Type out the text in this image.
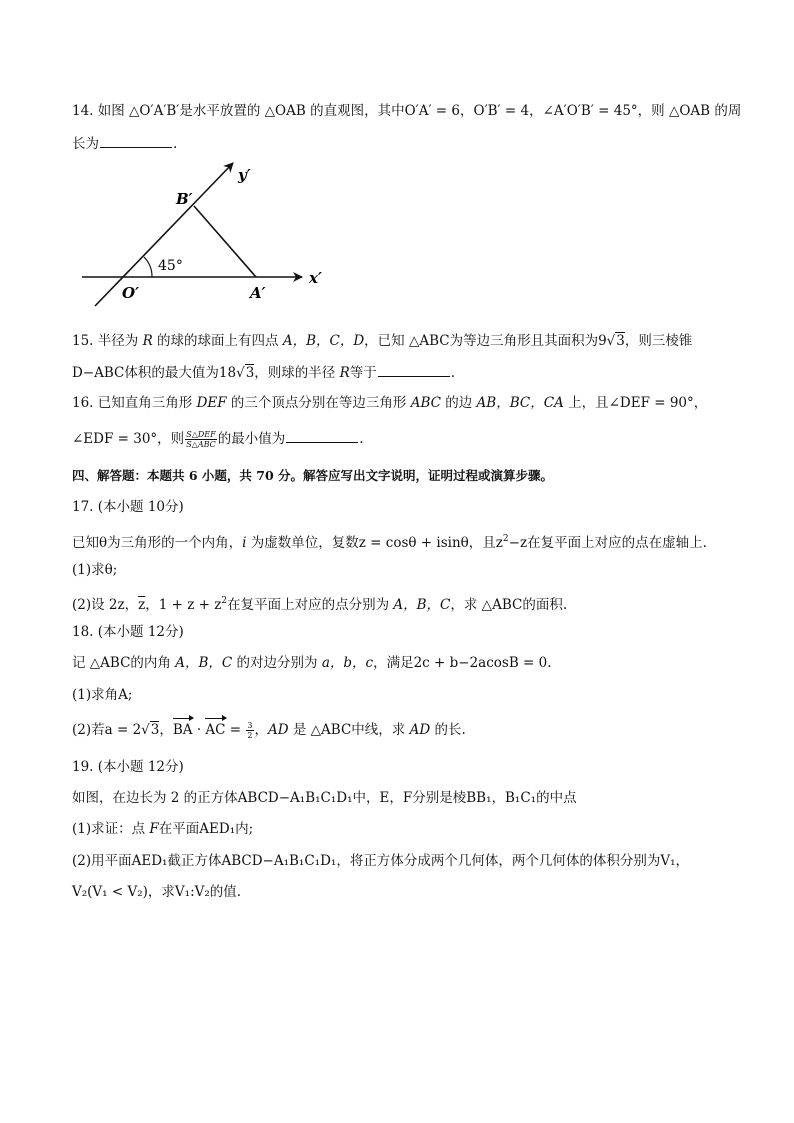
14. 如图 △O′A′B′是水平放置的 △OAB 的直观图，其中O′A′ = 6，O′B′ = 4，∠A′O′B′ = 45°，则 △OAB 的周
长为	.
y′
x′
B′
O′	A′
45°
15. 半径为 R 的球的球面上有四点 A，B，C，D，已知 △ABC为等边三角形且其面积为9√3，则三棱锥
D−ABC体积的最大值为18√3，则球的半径 R等于	.
16. 已知直角三角形 DEF 的三个顶点分别在等边三角形 ABC 的边 AB，BC，CA 上，且∠DEF = 90°，
∠EDF = 30°，则 $\frac{\text{S△DEF}}{\text{S△ABC}}$ 的最小值为	.
四、解答题：本题共 6 小题，共 70 分。解答应写出文字说明，证明过程或演算步骤。
17. (本小题 10分)
已知θ为三角形的一个内角，i 为虚数单位，复数z = cosθ + isinθ，且$z^2-z$在复平面上对应的点在虚轴上.
(1)求θ;
(2)设 2z，$\overline{z}$，$1 + z + z^2$在复平面上对应的点分别为 A，B，C，求 △ABC的面积.
18. (本小题 12分)
记 △ABC的内角 A，B，C 的对边分别为 a，b，c，满足2c + b−2acosB = 0.
(1)求角A;
(2)若a = 2√3，BA · AC = $\frac{3}{2}$ ，AD 是 △ABC中线，求 AD 的长.
19. (本小题 12分)
如图，在边长为 2 的正方体ABCD−A₁B₁C₁D₁中，E，F分别是棱BB₁，B₁C₁的中点
(1)求证：点 F在平面AED₁内;
(2)用平面AED₁截正方体ABCD−A₁B₁C₁D₁，将正方体分成两个几何体，两个几何体的体积分别为V₁，
V₂(V₁ < V₂)，求V₁:V₂的值.
